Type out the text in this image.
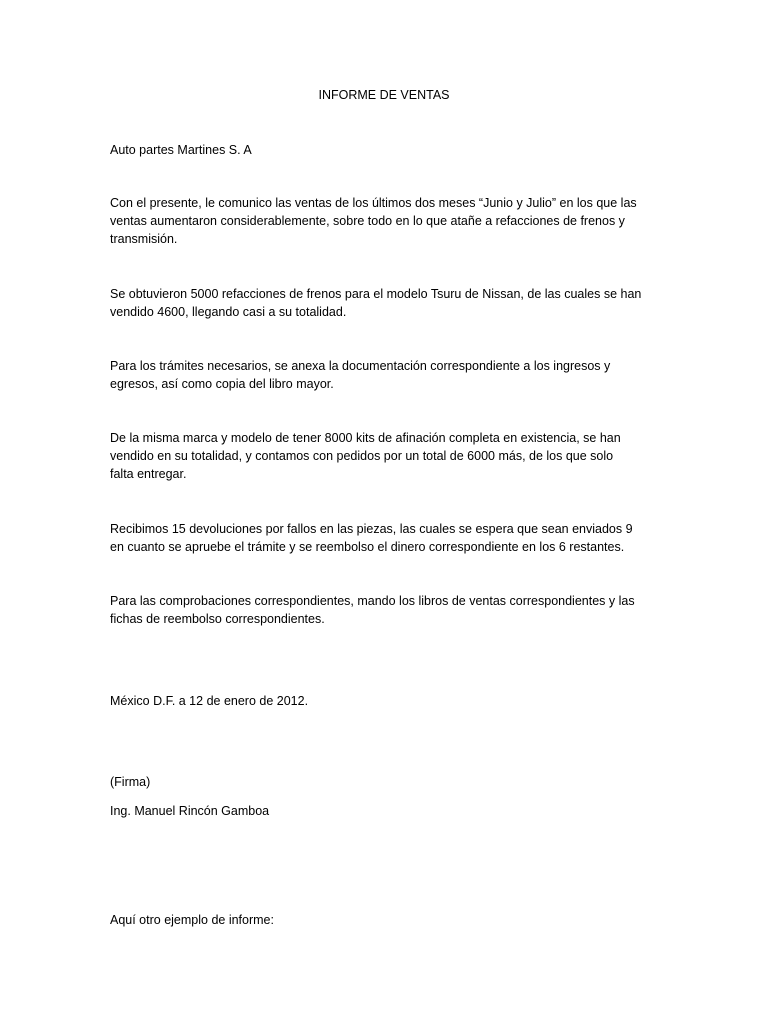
INFORME DE VENTAS

Auto partes Martines S. A

Con el presente, le comunico las ventas de los últimos dos meses “Junio y Julio” en los que las
ventas aumentaron considerablemente, sobre todo en lo que atañe a refacciones de frenos y
transmisión.
Se obtuvieron 5000 refacciones de frenos para el modelo Tsuru de Nissan, de las cuales se han
vendido 4600, llegando casi a su totalidad.
Para los trámites necesarios, se anexa la documentación correspondiente a los ingresos y
egresos, así como copia del libro mayor.
De la misma marca y modelo de tener 8000 kits de afinación completa en existencia, se han
vendido en su totalidad, y contamos con pedidos por un total de 6000 más, de los que solo
falta entregar.
Recibimos 15 devoluciones por fallos en las piezas, las cuales se espera que sean enviados 9
en cuanto se apruebe el trámite y se reembolso el dinero correspondiente en los 6 restantes.
Para las comprobaciones correspondientes, mando los libros de ventas correspondientes y las
fichas de reembolso correspondientes.

México D.F. a 12 de enero de 2012.

(Firma)

Ing. Manuel Rincón Gamboa

Aquí otro ejemplo de informe:
